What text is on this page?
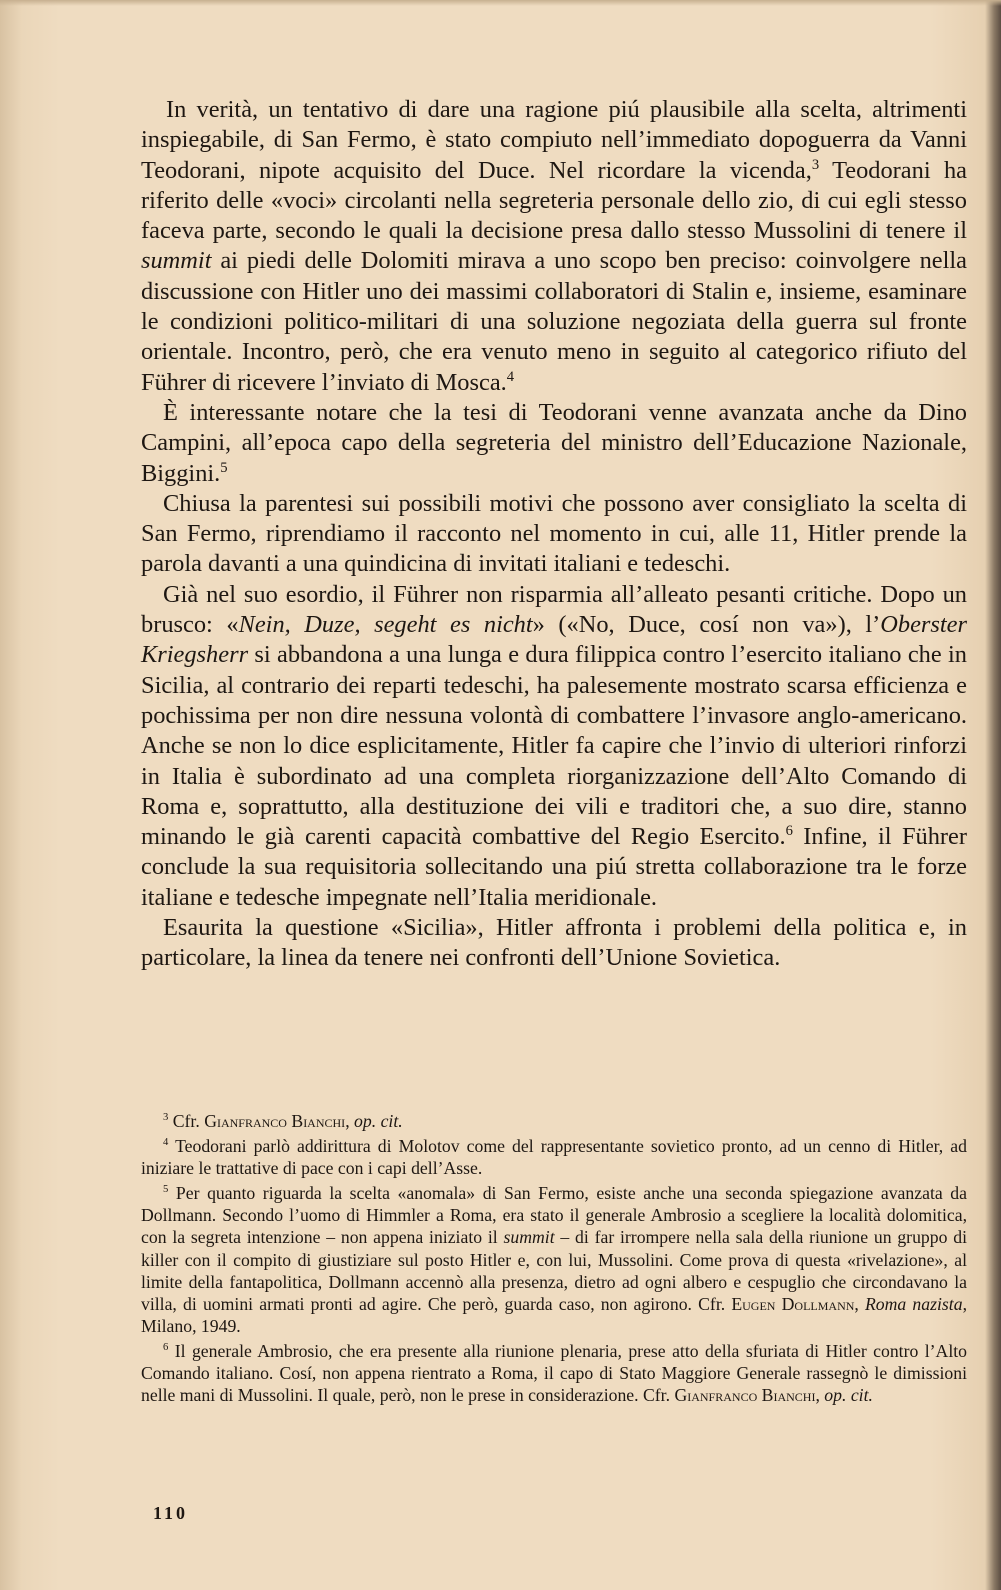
In verità, un tentativo di dare una ragione piú plausibile alla scelta, altrimenti inspiegabile, di San Fermo, è stato compiuto nell’immediato dopoguerra da Vanni Teodorani, nipote acquisito del Duce. Nel ricordare la vicenda,$^3$ Teodorani ha riferito delle «voci» circolanti nella segreteria personale dello zio, di cui egli stesso faceva parte, secondo le quali la decisione presa dallo stesso Mussolini di tenere il summit ai piedi delle Dolomiti mirava a uno scopo ben preciso: coinvolgere nella discussione con Hitler uno dei massimi collaboratori di Stalin e, insieme, esaminare le condizioni politico-militari di una soluzione negoziata della guerra sul fronte orientale. Incontro, però, che era venuto meno in seguito al categorico rifiuto del Führer di ricevere l’inviato di Mosca.$^4$

È interessante notare che la tesi di Teodorani venne avanzata anche da Dino Campini, all’epoca capo della segreteria del ministro dell’Educazione Nazionale, Biggini.$^5$

Chiusa la parentesi sui possibili motivi che possono aver consigliato la scelta di San Fermo, riprendiamo il racconto nel momento in cui, alle 11, Hitler prende la parola davanti a una quindicina di invitati italiani e tedeschi.

Già nel suo esordio, il Führer non risparmia all’alleato pesanti critiche. Dopo un brusco: «Nein, Duze, segeht es nicht» («No, Duce, cosí non va»), l’Oberster Kriegsherr si abbandona a una lunga e dura filippica contro l’esercito italiano che in Sicilia, al contrario dei reparti tedeschi, ha palesemente mostrato scarsa efficienza e pochissima per non dire nessuna volontà di combattere l’invasore anglo-americano. Anche se non lo dice esplicitamente, Hitler fa capire che l’invio di ulteriori rinforzi in Italia è subordinato ad una completa riorganizzazione dell’Alto Comando di Roma e, soprattutto, alla destituzione dei vili e traditori che, a suo dire, stanno minando le già carenti capacità combattive del Regio Esercito.$^6$ Infine, il Führer conclude la sua requisitoria sollecitando una piú stretta collaborazione tra le forze italiane e tedesche impegnate nell’Italia meridionale.

Esaurita la questione «Sicilia», Hitler affronta i problemi della politica e, in particolare, la linea da tenere nei confronti dell’Unione Sovietica.

$^3$ Cfr. Gianfranco Bianchi, op. cit.

$^4$ Teodorani parlò addirittura di Molotov come del rappresentante sovietico pronto, ad un cenno di Hitler, ad iniziare le trattative di pace con i capi dell’Asse.

$^5$ Per quanto riguarda la scelta «anomala» di San Fermo, esiste anche una seconda spiegazione avanzata da Dollmann. Secondo l’uomo di Himmler a Roma, era stato il generale Ambrosio a scegliere la località dolomitica, con la segreta intenzione – non appena iniziato il summit – di far irrompere nella sala della riunione un gruppo di killer con il compito di giustiziare sul posto Hitler e, con lui, Mussolini. Come prova di questa «rivelazione», al limite della fantapolitica, Dollmann accennò alla presenza, dietro ad ogni albero e cespuglio che circondavano la villa, di uomini armati pronti ad agire. Che però, guarda caso, non agirono. Cfr. Eugen Dollmann, Roma nazista, Milano, 1949.

$^6$ Il generale Ambrosio, che era presente alla riunione plenaria, prese atto della sfuriata di Hitler contro l’Alto Comando italiano. Cosí, non appena rientrato a Roma, il capo di Stato Maggiore Generale rassegnò le dimissioni nelle mani di Mussolini. Il quale, però, non le prese in considerazione. Cfr. Gianfranco Bianchi, op. cit.

110
